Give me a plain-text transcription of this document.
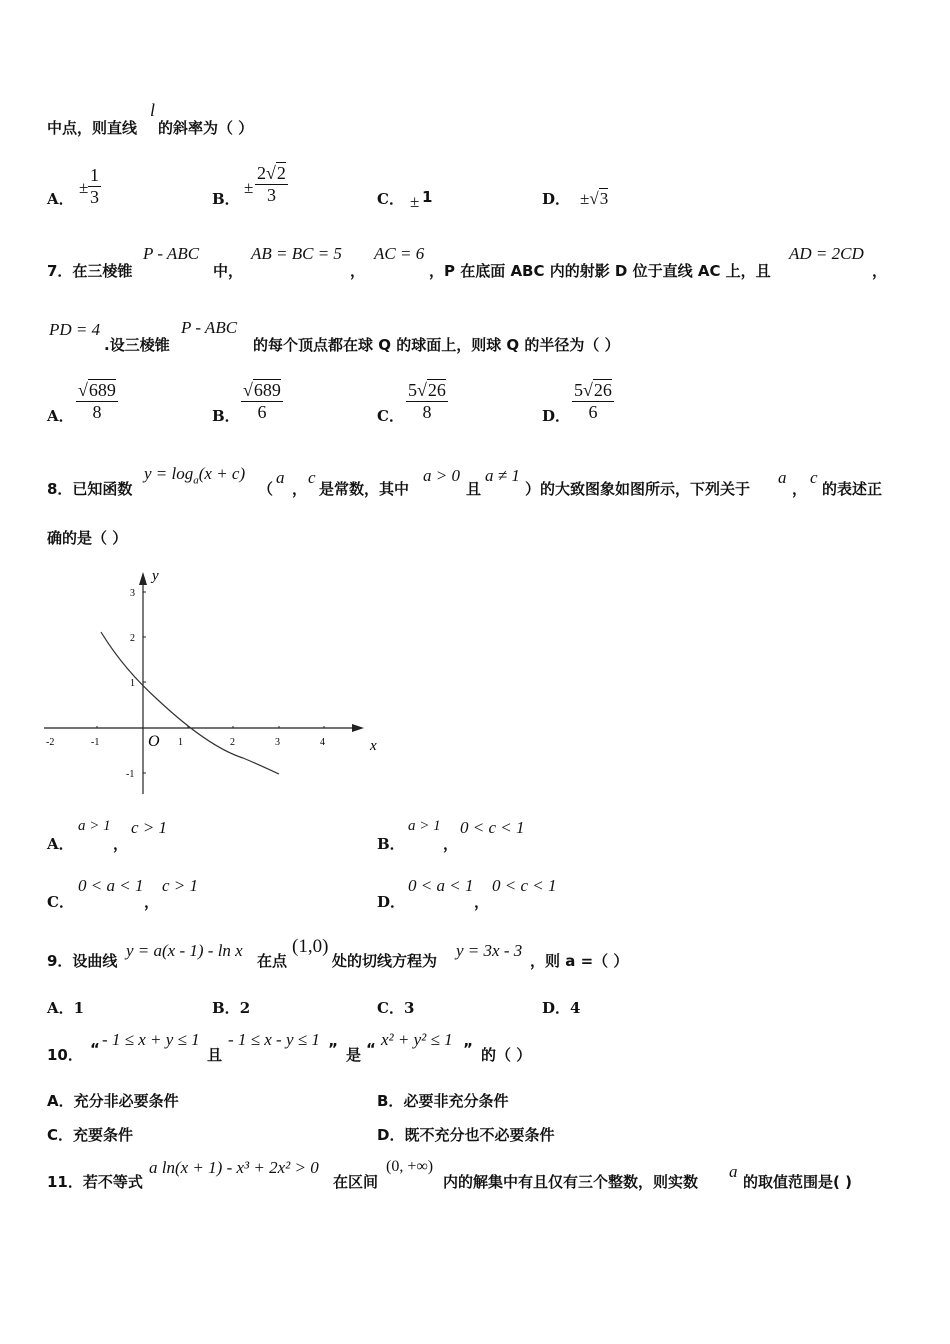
中点，则直线
l
的斜率为（ ）
A．
± $\frac{1}{3}$	B．
± $\frac{2√2}{3}$	C． ± 1	D． ±√3
7．在三棱锥
P - ABC
中，
AB = BC = 5
，
AC = 6
，P 在底面 ABC 内的射影 D 位于直线 AC 上，且
AD = 2CD
，
PD = 4
.设三棱锥
P - ABC
的每个顶点都在球 Q 的球面上，则球 Q 的半径为（ ）
A． $\frac{√689}{8}$	B． $\frac{√689}{6}$	C． $\frac{5√26}{8}$	D． $\frac{5√26}{6}$
8．已知函数
$y = \log_a(x + c)$
（
a
，
c
是常数，其中
a > 0
且
a ≠ 1
）的大致图象如图所示，下列关于
a
，
c
的表述正
确的是（ ）
-2	-1	1	2	3	4
3
2
1
-1
x
y
O
A．
a > 1
，
c > 1
B．
a > 1
，
0 < c < 1
C．
0 < a < 1
，
c > 1
D．
0 < a < 1
，
0 < c < 1
9．设曲线
y = a(x - 1) - ln x
在点
(1,0)
处的切线方程为
y = 3x - 3
，则 a =（ ）
A．1	B．2	C．3	D．4
10． “ - 1 ≤ x + y ≤ 1
且
- 1 ≤ x - y ≤ 1 ” 是 “ x² + y² ≤ 1 ” 的（ ）
A．充分非必要条件	B．必要非充分条件
C．充要条件	D．既不充分也不必要条件
11．若不等式
a ln(x + 1) - x³ + 2x² > 0
在区间
(0, +∞)
内的解集中有且仅有三个整数，则实数
a
的取值范围是( )
